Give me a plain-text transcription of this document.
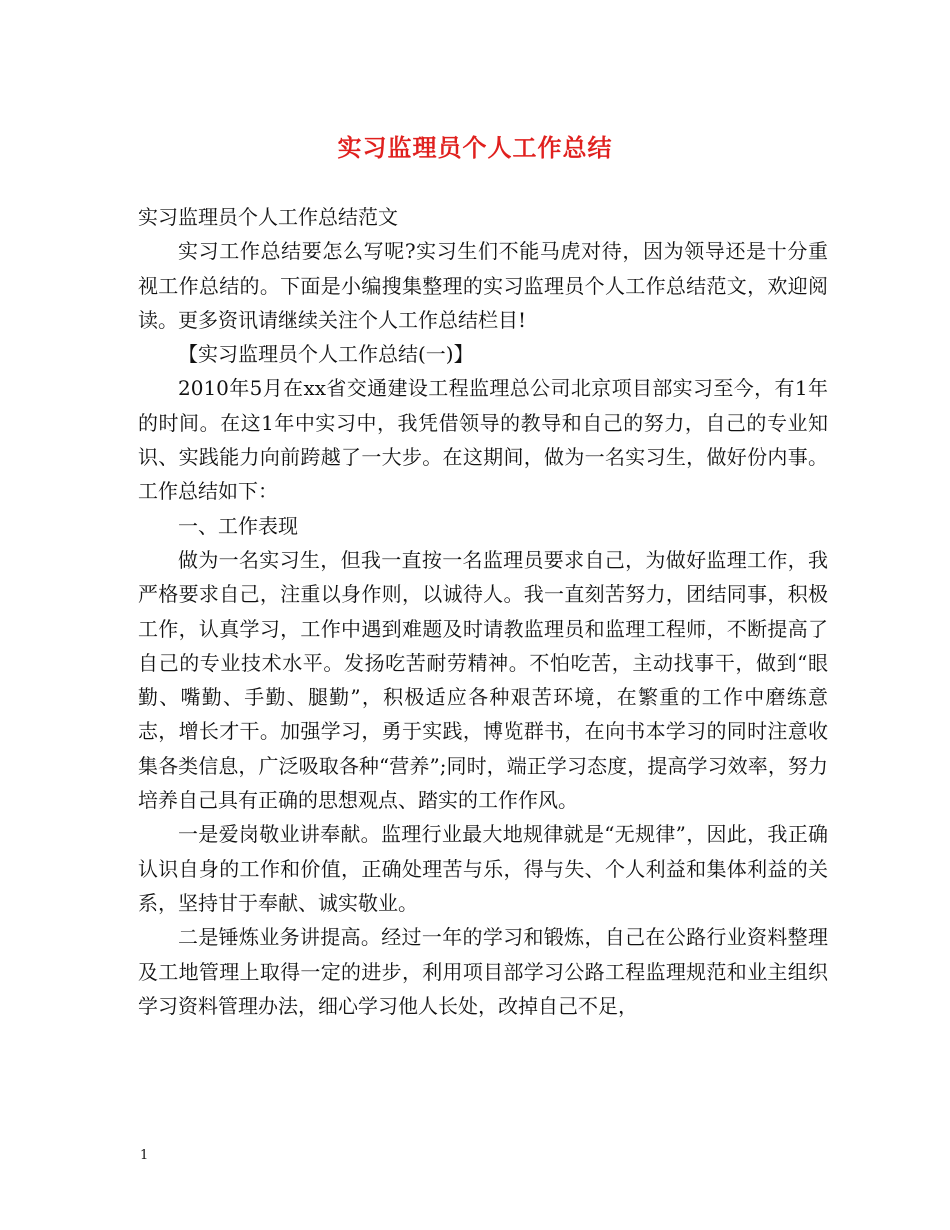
实习监理员个人工作总结

实习监理员个人工作总结范文

实习工作总结要怎么写呢?实习生们不能马虎对待，因为领导还是十分重视工作总结的。下面是小编搜集整理的实习监理员个人工作总结范文，欢迎阅读。更多资讯请继续关注个人工作总结栏目!

【实习监理员个人工作总结(一)】

2010年5月在xx省交通建设工程监理总公司北京项目部实习至今，有1年的时间。在这1年中实习中，我凭借领导的教导和自己的努力，自己的专业知识、实践能力向前跨越了一大步。在这期间，做为一名实习生，做好份内事。工作总结如下：

一、工作表现

做为一名实习生，但我一直按一名监理员要求自己，为做好监理工作，我严格要求自己，注重以身作则，以诚待人。我一直刻苦努力，团结同事，积极工作，认真学习，工作中遇到难题及时请教监理员和监理工程师，不断提高了自己的专业技术水平。发扬吃苦耐劳精神。不怕吃苦，主动找事干，做到“眼勤、嘴勤、手勤、腿勤”，积极适应各种艰苦环境，在繁重的工作中磨练意志，增长才干。加强学习，勇于实践，博览群书，在向书本学习的同时注意收集各类信息，广泛吸取各种“营养”;同时，端正学习态度，提高学习效率，努力培养自己具有正确的思想观点、踏实的工作作风。

一是爱岗敬业讲奉献。监理行业最大地规律就是“无规律”，因此，我正确认识自身的工作和价值，正确处理苦与乐，得与失、个人利益和集体利益的关系，坚持甘于奉献、诚实敬业。

二是锤炼业务讲提高。经过一年的学习和锻炼，自己在公路行业资料整理及工地管理上取得一定的进步，利用项目部学习公路工程监理规范和业主组织学习资料管理办法，细心学习他人长处，改掉自己不足，

1
